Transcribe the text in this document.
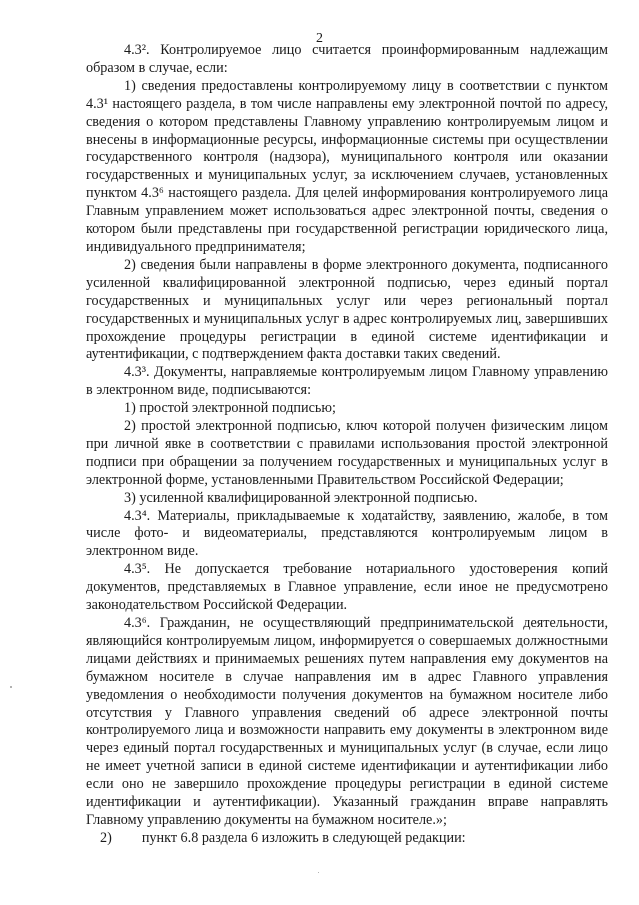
2

4.3². Контролируемое лицо считается проинформированным надлежащим образом в случае, если:

1) сведения предоставлены контролируемому лицу в соответствии с пунктом 4.3¹ настоящего раздела, в том числе направлены ему электронной почтой по адресу, сведения о котором представлены Главному управлению контролируемым лицом и внесены в информационные ресурсы, информационные системы при осуществлении государственного контроля (надзора), муниципального контроля или оказании государственных и муниципальных услуг, за исключением случаев, установленных пунктом 4.3⁶ настоящего раздела. Для целей информирования контролируемого лица Главным управлением может использоваться адрес электронной почты, сведения о котором были представлены при государственной регистрации юридического лица, индивидуального предпринимателя;

2) сведения были направлены в форме электронного документа, подписанного усиленной квалифицированной электронной подписью, через единый портал государственных и муниципальных услуг или через региональный портал государственных и муниципальных услуг в адрес контролируемых лиц, завершивших прохождение процедуры регистрации в единой системе идентификации и аутентификации, с подтверждением факта доставки таких сведений.

4.3³. Документы, направляемые контролируемым лицом Главному управлению в электронном виде, подписываются:

1) простой электронной подписью;

2) простой электронной подписью, ключ которой получен физическим лицом при личной явке в соответствии с правилами использования простой электронной подписи при обращении за получением государственных и муниципальных услуг в электронной форме, установленными Правительством Российской Федерации;

3) усиленной квалифицированной электронной подписью.

4.3⁴. Материалы, прикладываемые к ходатайству, заявлению, жалобе, в том числе фото- и видеоматериалы, представляются контролируемым лицом в электронном виде.

4.3⁵. Не допускается требование нотариального удостоверения копий документов, представляемых в Главное управление, если иное не предусмотрено законодательством Российской Федерации.

4.3⁶. Гражданин, не осуществляющий предпринимательской деятельности, являющийся контролируемым лицом, информируется о совершаемых должностными лицами действиях и принимаемых решениях путем направления ему документов на бумажном носителе в случае направления им в адрес Главного управления уведомления о необходимости получения документов на бумажном носителе либо отсутствия у Главного управления сведений об адресе электронной почты контролируемого лица и возможности направить ему документы в электронном виде через единый портал государственных и муниципальных услуг (в случае, если лицо не имеет учетной записи в единой системе идентификации и аутентификации либо если оно не завершило прохождение процедуры регистрации в единой системе идентификации и аутентификации). Указанный гражданин вправе направлять Главному управлению документы на бумажном носителе.»;

2) пункт 6.8 раздела 6 изложить в следующей редакции:
